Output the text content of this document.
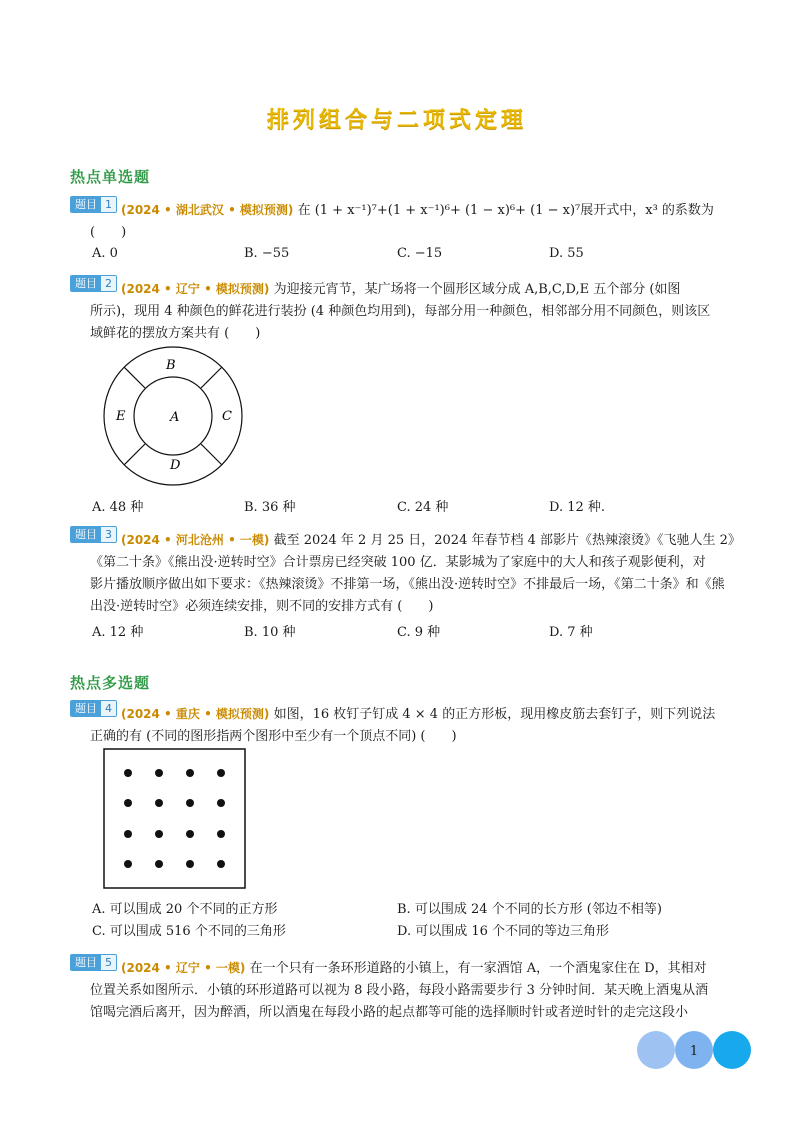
排列组合与二项式定理
热点单选题
题目 1 (2024 • 湖北武汉 • 模拟预测) 在 (1 + x⁻¹)⁷+(1 + x⁻¹)⁶+ (1 − x)⁶+ (1 − x)⁷展开式中，x³ 的系数为
(　　)
A. 0	B. −55	C. −15	D. 55
题目 2 (2024 • 辽宁 • 模拟预测) 为迎接元宵节，某广场将一个圆形区域分成 A,B,C,D,E 五个部分 (如图
所示)，现用 4 种颜色的鲜花进行装扮 (4 种颜色均用到)，每部分用一种颜色，相邻部分用不同颜色，则该区
域鲜花的摆放方案共有 (　　)
A
B
C
D
E
A. 48 种	B. 36 种	C. 24 种	D. 12 种.
题目 3 (2024 • 河北沧州 • 一模) 截至 2024 年 2 月 25 日，2024 年春节档 4 部影片《热辣滚烫》《飞驰人生 2》
《第二十条》《熊出没·逆转时空》合计票房已经突破 100 亿．某影城为了家庭中的大人和孩子观影便利，对
影片播放顺序做出如下要求：《热辣滚烫》不排第一场，《熊出没·逆转时空》不排最后一场，《第二十条》和《熊
出没·逆转时空》必须连续安排，则不同的安排方式有 (　　)
A. 12 种	B. 10 种	C. 9 种	D. 7 种
热点多选题
题目 4 (2024 • 重庆 • 模拟预测) 如图，16 枚钉子钉成 4 × 4 的正方形板，现用橡皮筋去套钉子，则下列说法
正确的有 (不同的图形指两个图形中至少有一个顶点不同) (　　)
A. 可以围成 20 个不同的正方形	B. 可以围成 24 个不同的长方形 (邻边不相等)
C. 可以围成 516 个不同的三角形	D. 可以围成 16 个不同的等边三角形
题目 5 (2024 • 辽宁 • 一模) 在一个只有一条环形道路的小镇上，有一家酒馆 A，一个酒鬼家住在 D，其相对
位置关系如图所示．小镇的环形道路可以视为 8 段小路，每段小路需要步行 3 分钟时间．某天晚上酒鬼从酒
馆喝完酒后离开，因为醉酒，所以酒鬼在每段小路的起点都等可能的选择顺时针或者逆时针的走完这段小
1
